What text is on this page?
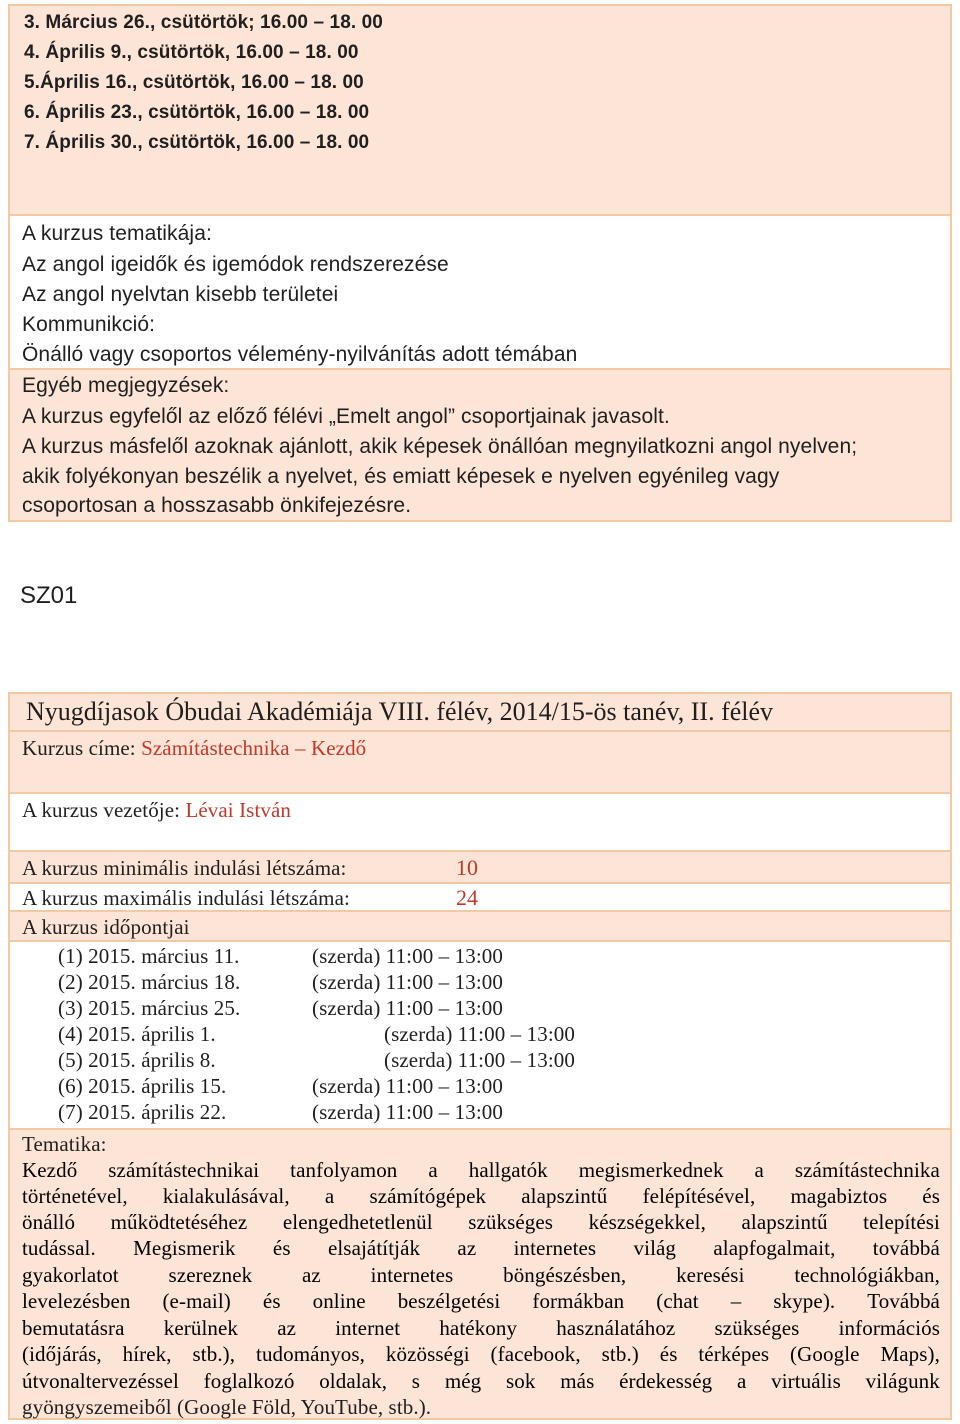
3. Március 26., csütörtök; 16.00 – 18. 00
4. Április 9., csütörtök, 16.00 – 18. 00
5.Április 16., csütörtök, 16.00 – 18. 00
6. Április 23., csütörtök, 16.00 – 18. 00
7. Április 30., csütörtök, 16.00 – 18. 00
A kurzus tematikája:
Az angol igeidők és igemódok rendszerezése
Az angol nyelvtan kisebb területei
Kommunikció:
Önálló vagy csoportos vélemény-nyilvánítás adott témában
Egyéb megjegyzések:
A kurzus egyfelől az előző félévi „Emelt angol” csoportjainak javasolt.
A kurzus másfelől azoknak ajánlott, akik képesek önállóan megnyilatkozni angol nyelven;
akik folyékonyan beszélik a nyelvet, és emiatt képesek e nyelven egyénileg vagy
csoportosan a hosszasabb önkifejezésre.
SZ01
Nyugdíjasok Óbudai Akadémiája VIII. félév, 2014/15-ös tanév, II. félév
Kurzus címe: Számítástechnika – Kezdő
A kurzus vezetője: Lévai István
A kurzus minimális indulási létszáma:	10
A kurzus maximális indulási létszáma:	24
A kurzus időpontjai
(1) 2015. március 11.	(szerda) 11:00 – 13:00
(2) 2015. március 18.	(szerda) 11:00 – 13:00
(3) 2015. március 25.	(szerda) 11:00 – 13:00
(4) 2015. április 1.	(szerda) 11:00 – 13:00
(5) 2015. április 8.	(szerda) 11:00 – 13:00
(6) 2015. április 15.	(szerda) 11:00 – 13:00
(7) 2015. április 22.	(szerda) 11:00 – 13:00
Tematika:
Kezdő számítástechnikai tanfolyamon a hallgatók megismerkednek a számítástechnika
történetével, kialakulásával, a számítógépek alapszintű felépítésével, magabiztos és
önálló működtetéséhez elengedhetetlenül szükséges készségekkel, alapszintű telepítési
tudással. Megismerik és elsajátítják az internetes világ alapfogalmait, továbbá
gyakorlatot szereznek az internetes böngészésben, keresési technológiákban,
levelezésben (e-mail) és online beszélgetési formákban (chat – skype). Továbbá
bemutatásra kerülnek az internet hatékony használatához szükséges információs
(időjárás, hírek, stb.), tudományos, közösségi (facebook, stb.) és térképes (Google Maps),
útvonaltervezéssel foglalkozó oldalak, s még sok más érdekesség a virtuális világunk
gyöngyszemeiből (Google Föld, YouTube, stb.).
